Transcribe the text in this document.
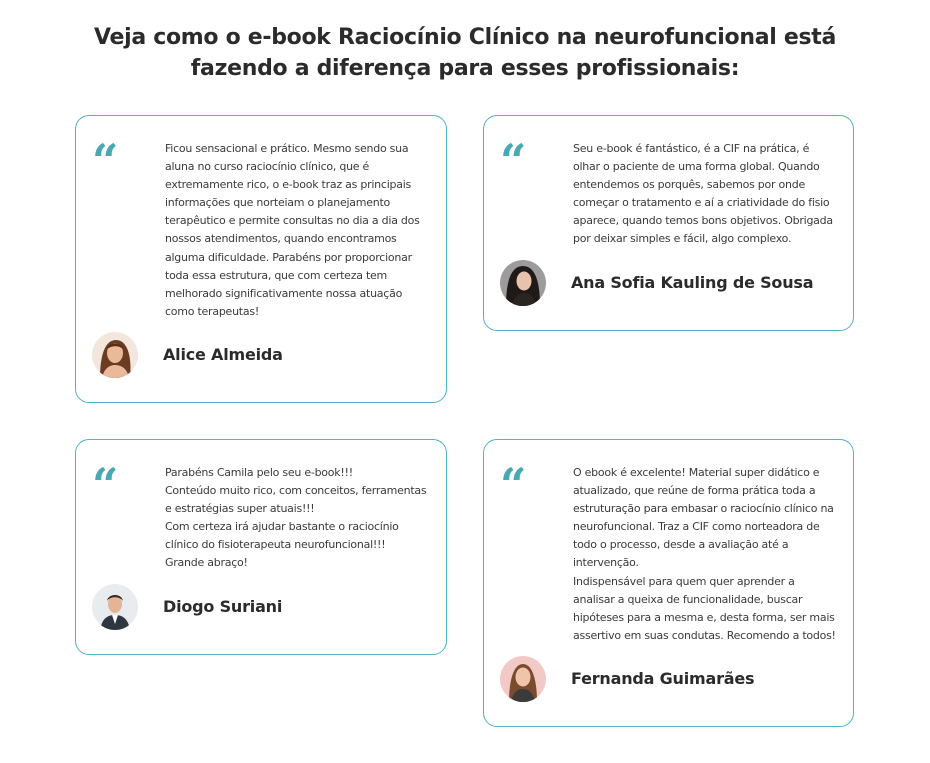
Veja como o e-book Raciocínio Clínico na neurofuncional está
fazendo a diferença para esses profissionais:
“	Ficou sensacional e prático. Mesmo sendo sua
aluna no curso raciocínio clínico, que é
extremamente rico, o e-book traz as principais
informações que norteiam o planejamento
terapêutico e permite consultas no dia a dia dos
nossos atendimentos, quando encontramos
alguma dificuldade. Parabéns por proporcionar
toda essa estrutura, que com certeza tem
melhorado significativamente nossa atuação
como terapeutas!
Alice Almeida
“	Seu e-book é fantástico, é a CIF na prática, é
olhar o paciente de uma forma global. Quando
entendemos os porquês, sabemos por onde
começar o tratamento e aí a criatividade do fisio
aparece, quando temos bons objetivos. Obrigada
por deixar simples e fácil, algo complexo.
Ana Sofia Kauling de Sousa
“	Parabéns Camila pelo seu e-book!!!
Conteúdo muito rico, com conceitos, ferramentas
e estratégias super atuais!!!
Com certeza irá ajudar bastante o raciocínio
clínico do fisioterapeuta neurofuncional!!!
Grande abraço!
Diogo Suriani
“	O ebook é excelente! Material super didático e
atualizado, que reúne de forma prática toda a
estruturação para embasar o raciocínio clínico na
neurofuncional. Traz a CIF como norteadora de
todo o processo, desde a avaliação até a
intervenção.
Indispensável para quem quer aprender a
analisar a queixa de funcionalidade, buscar
hipóteses para a mesma e, desta forma, ser mais
assertivo em suas condutas. Recomendo a todos!
Fernanda Guimarães
